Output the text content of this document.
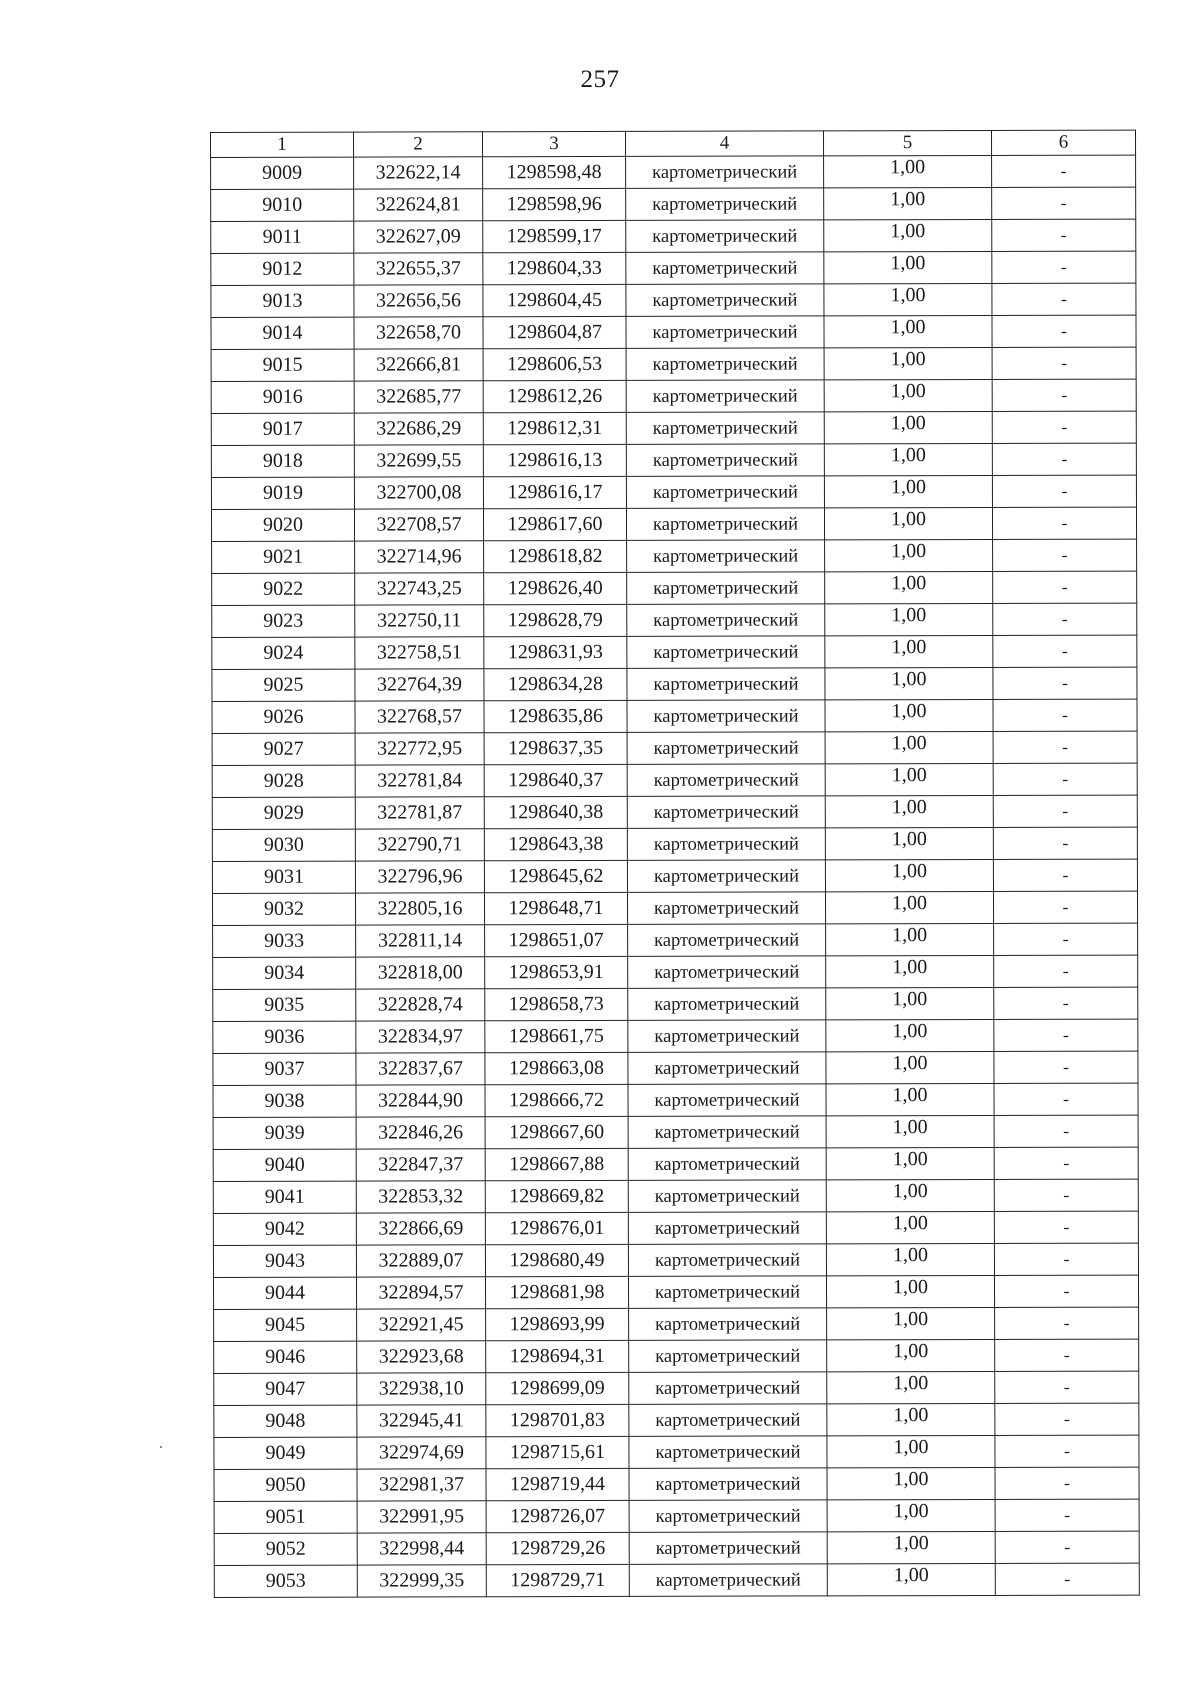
257
1	2	3	4	5	6
9009	322622,14	1298598,48	картометрический	1,00	-
9010	322624,81	1298598,96	картометрический	1,00	-
9011	322627,09	1298599,17	картометрический	1,00	-
9012	322655,37	1298604,33	картометрический	1,00	-
9013	322656,56	1298604,45	картометрический	1,00	-
9014	322658,70	1298604,87	картометрический	1,00	-
9015	322666,81	1298606,53	картометрический	1,00	-
9016	322685,77	1298612,26	картометрический	1,00	-
9017	322686,29	1298612,31	картометрический	1,00	-
9018	322699,55	1298616,13	картометрический	1,00	-
9019	322700,08	1298616,17	картометрический	1,00	-
9020	322708,57	1298617,60	картометрический	1,00	-
9021	322714,96	1298618,82	картометрический	1,00	-
9022	322743,25	1298626,40	картометрический	1,00	-
9023	322750,11	1298628,79	картометрический	1,00	-
9024	322758,51	1298631,93	картометрический	1,00	-
9025	322764,39	1298634,28	картометрический	1,00	-
9026	322768,57	1298635,86	картометрический	1,00	-
9027	322772,95	1298637,35	картометрический	1,00	-
9028	322781,84	1298640,37	картометрический	1,00	-
9029	322781,87	1298640,38	картометрический	1,00	-
9030	322790,71	1298643,38	картометрический	1,00	-
9031	322796,96	1298645,62	картометрический	1,00	-
9032	322805,16	1298648,71	картометрический	1,00	-
9033	322811,14	1298651,07	картометрический	1,00	-
9034	322818,00	1298653,91	картометрический	1,00	-
9035	322828,74	1298658,73	картометрический	1,00	-
9036	322834,97	1298661,75	картометрический	1,00	-
9037	322837,67	1298663,08	картометрический	1,00	-
9038	322844,90	1298666,72	картометрический	1,00	-
9039	322846,26	1298667,60	картометрический	1,00	-
9040	322847,37	1298667,88	картометрический	1,00	-
9041	322853,32	1298669,82	картометрический	1,00	-
9042	322866,69	1298676,01	картометрический	1,00	-
9043	322889,07	1298680,49	картометрический	1,00	-
9044	322894,57	1298681,98	картометрический	1,00	-
9045	322921,45	1298693,99	картометрический	1,00	-
9046	322923,68	1298694,31	картометрический	1,00	-
9047	322938,10	1298699,09	картометрический	1,00	-
9048	322945,41	1298701,83	картометрический	1,00	-
9049	322974,69	1298715,61	картометрический	1,00	-
9050	322981,37	1298719,44	картометрический	1,00	-
9051	322991,95	1298726,07	картометрический	1,00	-
9052	322998,44	1298729,26	картометрический	1,00	-
9053	322999,35	1298729,71	картометрический	1,00	-
